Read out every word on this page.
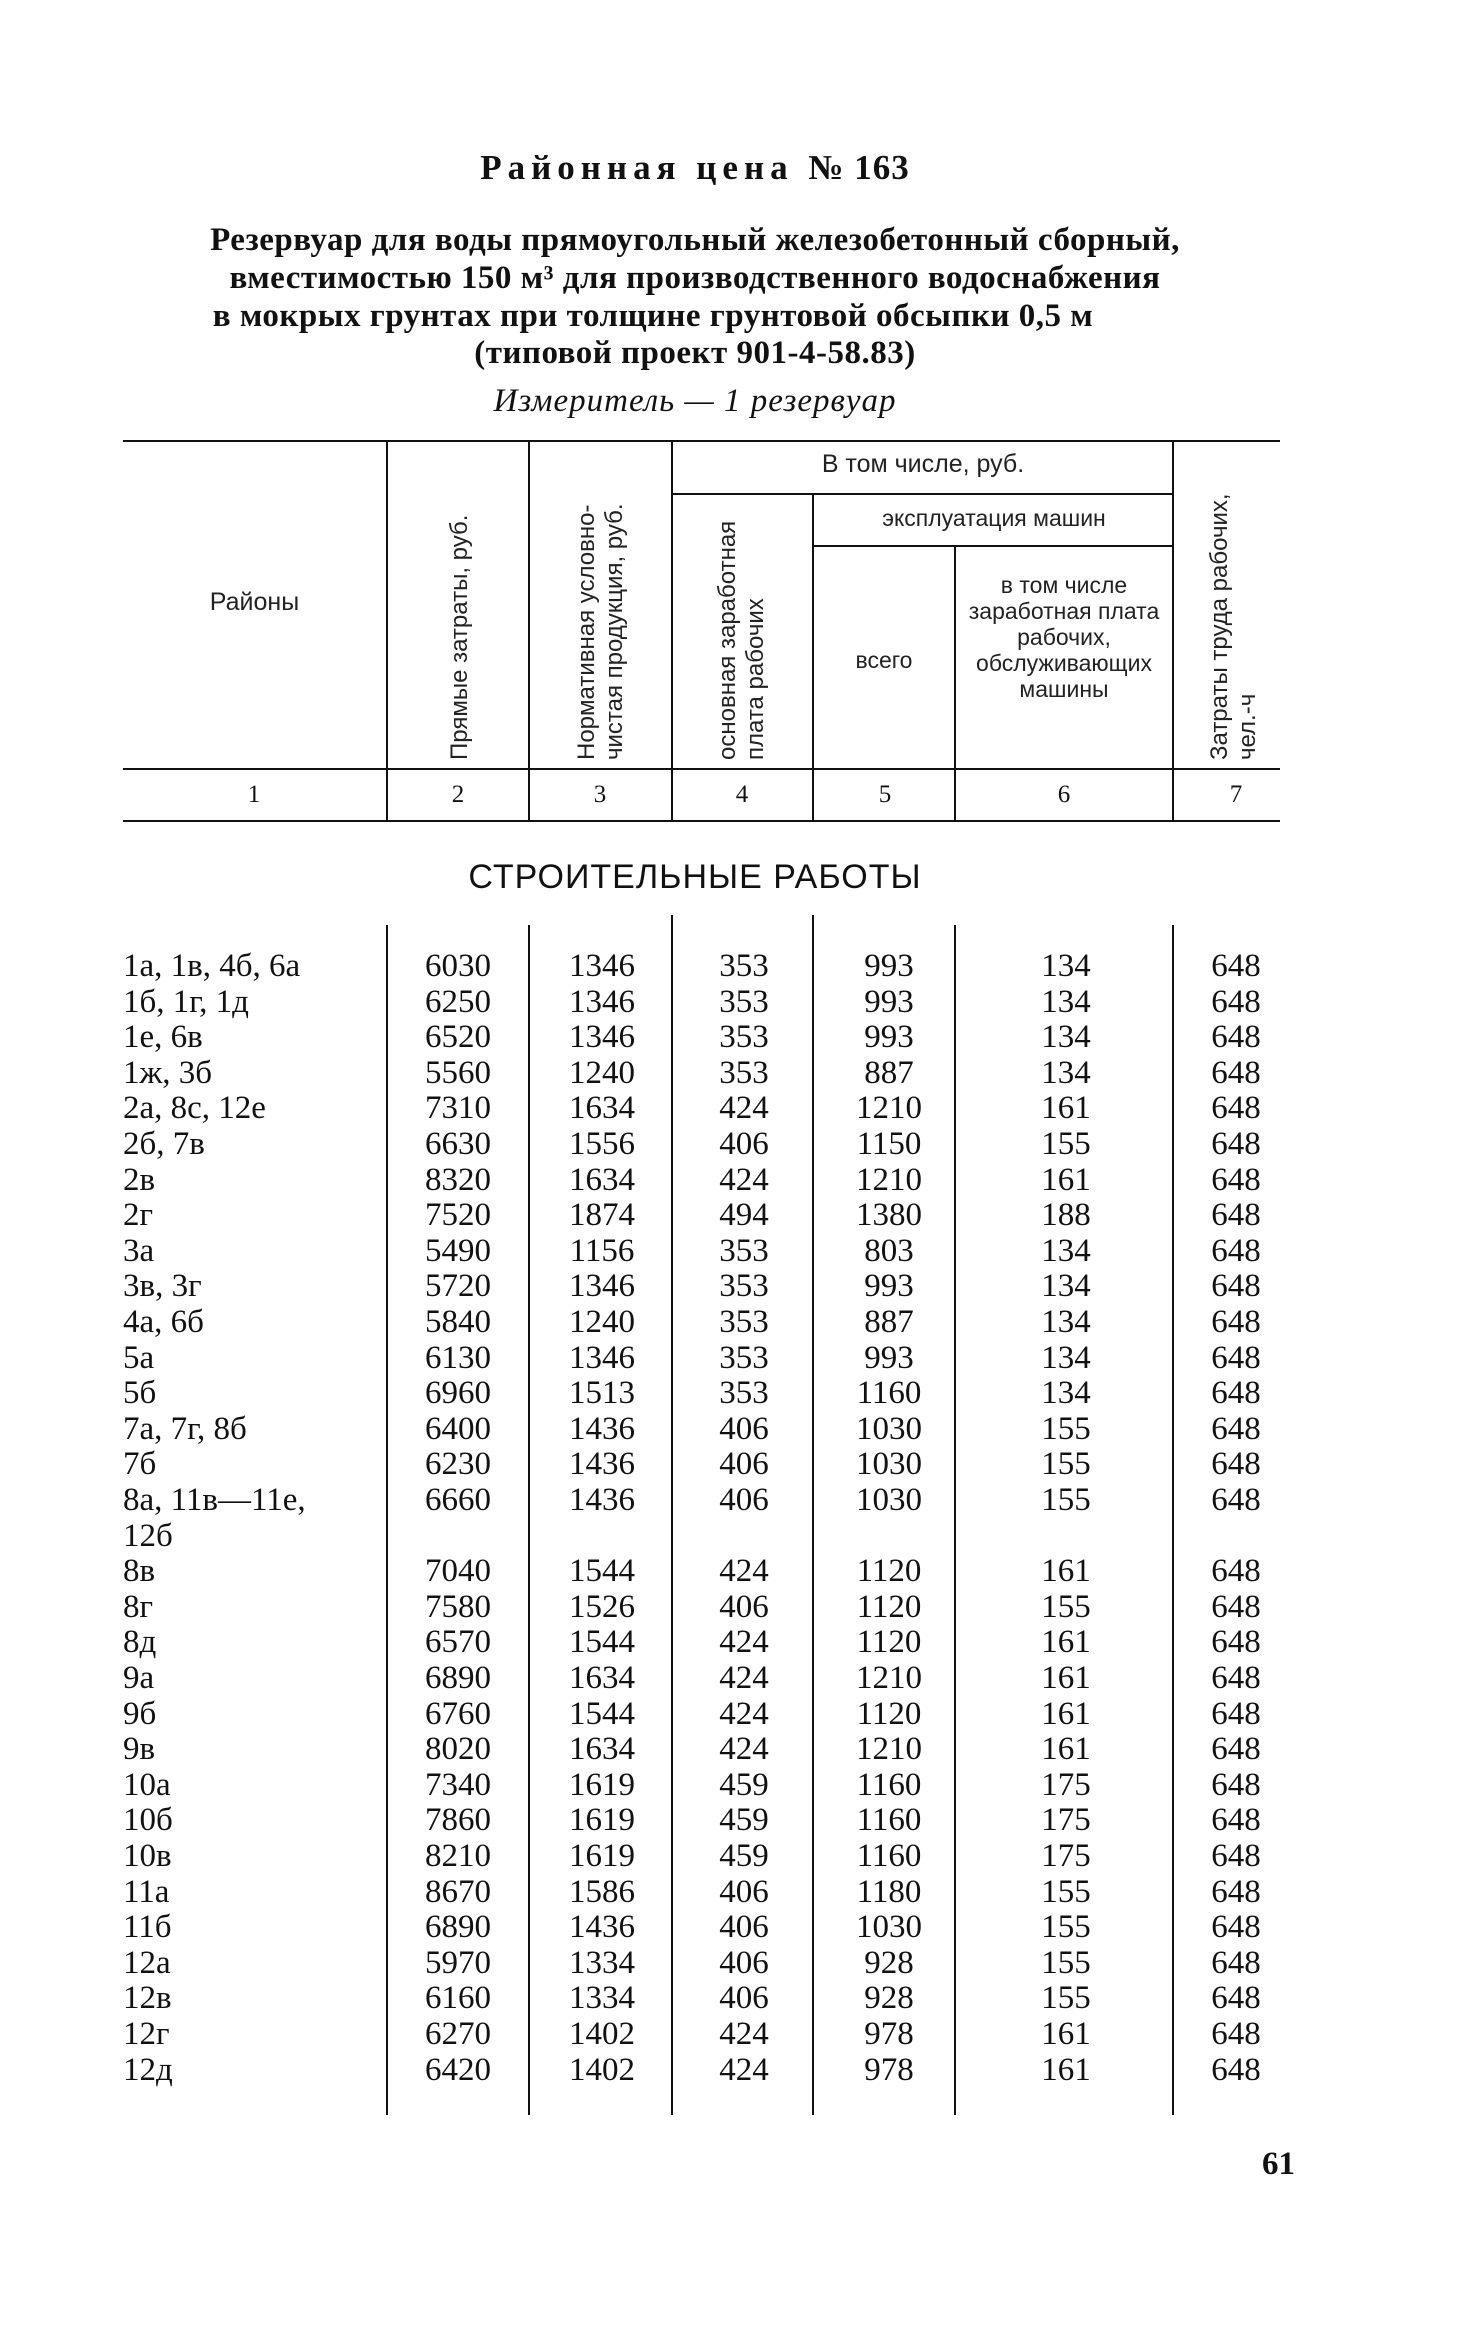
Районная цена № 163
Резервуар для воды прямоугольный железобетонный сборный,
вместимостью 150 м³ для производственного водоснабжения
в мокрых грунтах при толщине грунтовой обсыпки 0,5 м
(типовой проект 901-4-58.83)
Измеритель — 1 резервуар
Районы	Прямые затраты, руб.	Нормативная условно-чистая продукция, руб.
В том числе, руб.
основная заработная плата рабочих
эксплуатация машин
всего
в том числе заработная плата рабочих, обслуживающих машины	Затраты труда рабочих, чел.-ч
1	2	3	4	5	6	7
СТРОИТЕЛЬНЫЕ РАБОТЫ
1а, 1в, 4б, 6а	6030	1346	353	993	134	648
1б, 1г, 1д	6250	1346	353	993	134	648
1е, 6в	6520	1346	353	993	134	648
1ж, 3б	5560	1240	353	887	134	648
2а, 8с, 12е	7310	1634	424	1210	161	648
2б, 7в	6630	1556	406	1150	155	648
2в	8320	1634	424	1210	161	648
2г	7520	1874	494	1380	188	648
3а	5490	1156	353	803	134	648
3в, 3г	5720	1346	353	993	134	648
4а, 6б	5840	1240	353	887	134	648
5а	6130	1346	353	993	134	648
5б	6960	1513	353	1160	134	648
7а, 7г, 8б	6400	1436	406	1030	155	648
7б	6230	1436	406	1030	155	648
8а, 11в—11е,	6660	1436	406	1030	155	648
12б
8в	7040	1544	424	1120	161	648
8г	7580	1526	406	1120	155	648
8д	6570	1544	424	1120	161	648
9а	6890	1634	424	1210	161	648
9б	6760	1544	424	1120	161	648
9в	8020	1634	424	1210	161	648
10а	7340	1619	459	1160	175	648
10б	7860	1619	459	1160	175	648
10в	8210	1619	459	1160	175	648
11а	8670	1586	406	1180	155	648
11б	6890	1436	406	1030	155	648
12а	5970	1334	406	928	155	648
12в	6160	1334	406	928	155	648
12г	6270	1402	424	978	161	648
12д	6420	1402	424	978	161	648
61
